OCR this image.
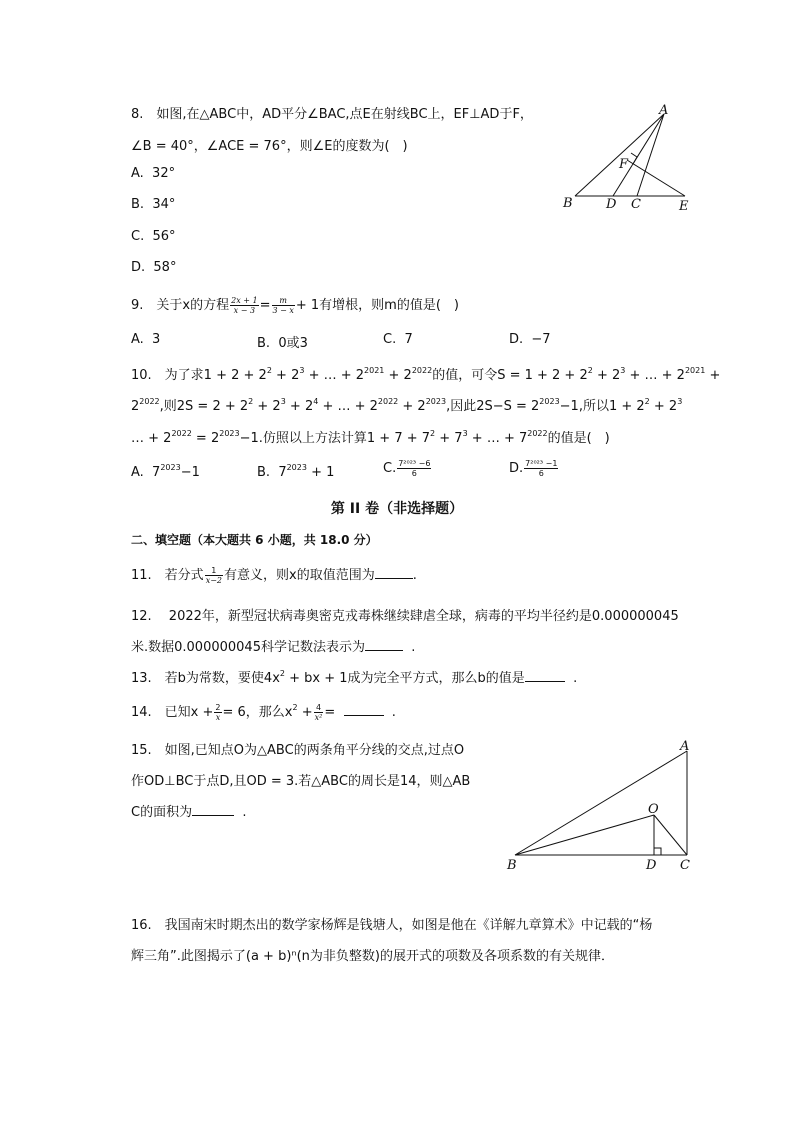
8.　如图,在△ABC中，AD平分∠BAC,点E在射线BC上，EF⊥AD于F，
∠B = 40°，∠ACE = 76°，则∠E的度数为(　)
A.  32°
B.  34°
C.  56°
D.  58°
A
F
B	D C	E
9.　关于x的方程 $\frac{2x + 1}{x - 3} = \frac{m}{3 - x} + 1$有增根，则m的值是(　)
A.  3	B.  0或3	C.  7	D.  −7
10.　为了求$1 + 2 + 2^2 + 2^3$ + … + $2^{2021} + 2^{2022}$的值，可令$S = 1 + 2 + 2^2 + 2^3$ + … + $2^{2021}$ +
$2^{2022}$,则$2S = 2 + 2^2 + 2^3 + 2^4$ + … + $2^{2022} + 2^{2023}$,因此$2S-S = 2^{2023}-1$,所以$1 + 2^2 + 2^3$
… + $2^{2022} = 2^{2023}-1$.仿照以上方法计算$1 + 7 + 7^2 + 7^3$ + … + $7^{2022}$的值是(　)
A.  $7^{2023}-1$	B.  $7^{2023} + 1$	C. $\frac{\text{7²⁰²³ −6}}{6}$	D. $\frac{\text{7²⁰²³ −1}}{6}$
第 II 卷（非选择题）
二、填空题（本大题共 6 小题，共 18.0 分）
11.　若分式 $\frac{1}{x-2}$ 有意义，则x的取值范围为	.
12.　 2022年，新型冠状病毒奥密克戎毒株继续肆虐全球，病毒的平均半径约是0.000000045
米.数据0.000000045科学记数法表示为	.
13.　若b为常数，要使$4x^2$ + bx + 1成为完全平方式，那么b的值是	.
14.　已知$x + \frac{2}{x} = 6$，那么$x^2 + \frac{4}{\text{x²}}$ =	.
15.　如图,已知点O为△ABC的两条角平分线的交点,过点O
作OD⊥BC于点D,且OD = 3.若△ABC的周长是14，则△AB
C的面积为	.
A
O
B	D C
16.　我国南宋时期杰出的数学家杨辉是钱塘人，如图是他在《详解九章算术》中记载的“杨
辉三角”.此图揭示了(a + b)ⁿ(n为非负整数)的展开式的项数及各项系数的有关规律．
